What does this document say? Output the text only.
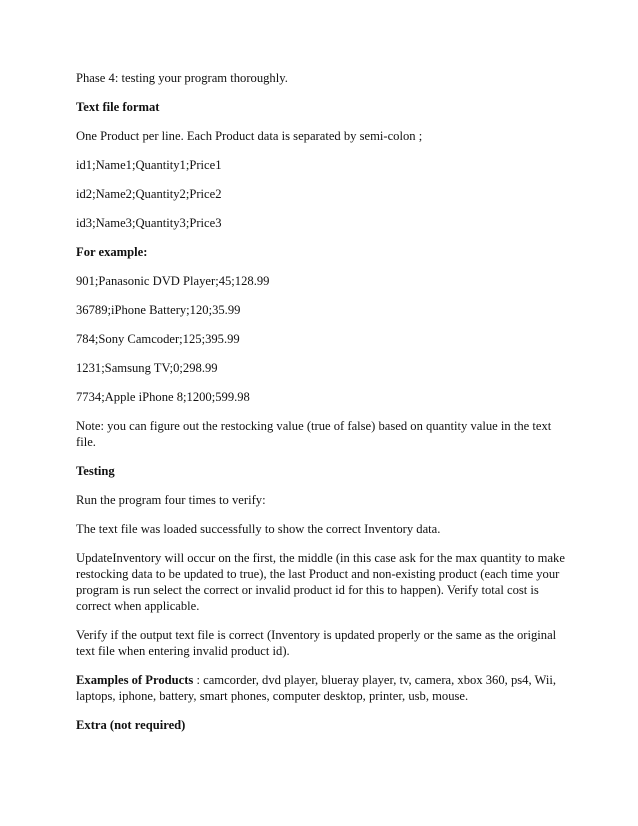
Phase 4: testing your program thoroughly.

Text file format

One Product per line. Each Product data is separated by semi-colon ;

id1;Name1;Quantity1;Price1

id2;Name2;Quantity2;Price2

id3;Name3;Quantity3;Price3

For example:

901;Panasonic DVD Player;45;128.99

36789;iPhone Battery;120;35.99

784;Sony Camcoder;125;395.99

1231;Samsung TV;0;298.99

7734;Apple iPhone 8;1200;599.98

Note: you can figure out the restocking value (true of false) based on quantity value in the text file.

Testing

Run the program four times to verify:

The text file was loaded successfully to show the correct Inventory data.

UpdateInventory will occur on the first, the middle (in this case ask for the max quantity to make restocking data to be updated to true), the last Product and non-existing product (each time your program is run select the correct or invalid product id for this to happen). Verify total cost is correct when applicable.

Verify if the output text file is correct (Inventory is updated properly or the same as the original text file when entering invalid product id).

Examples of Products : camcorder, dvd player, blueray player, tv, camera, xbox 360, ps4, Wii, laptops, iphone, battery, smart phones, computer desktop, printer, usb, mouse.

Extra (not required)
